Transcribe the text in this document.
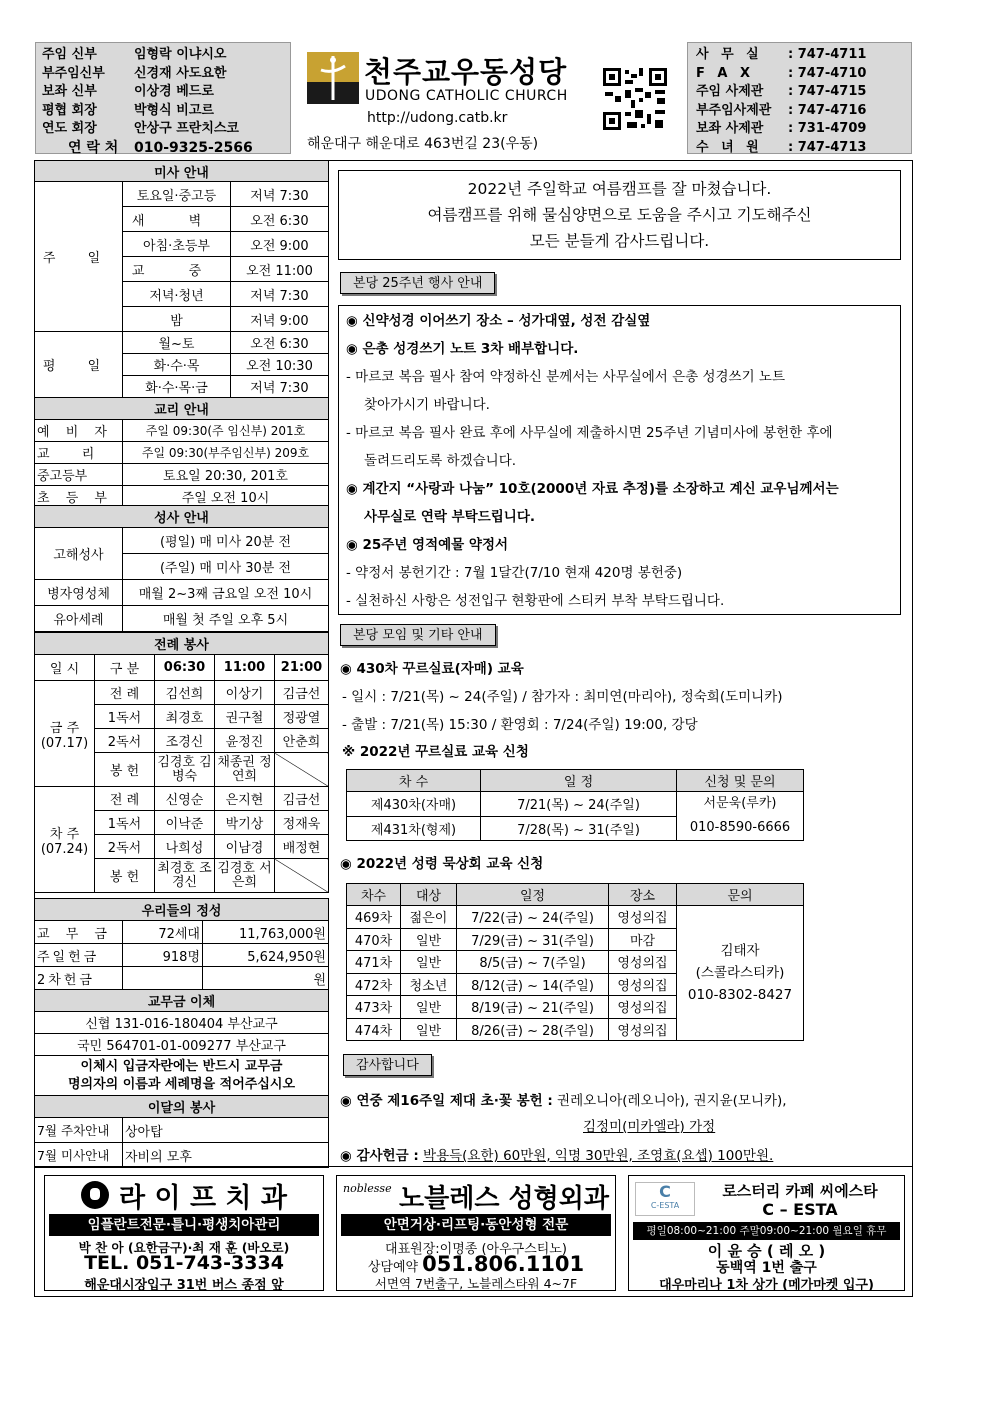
주임 신부	임형락 이냐시오
부주임신부 신경재 사도요한
보좌 신부	이상경 베드로
평협 회장	박형식 비고르
연도 회장	안상구 프란치스코
연 락 처 010-9325-2566
천주교우동성당
UDONG CATHOLIC CHURCH
http://udong.catb.kr
해운대구 해운대로 463번길 23(우동)
사 무 실 : 747-4711
F A X	: 747-4710
주임 사제관 : 747-4715
부주임사제관 : 747-4716
보좌 사제관 : 731-4709
수 녀 원 : 747-4713
미사 안내		
주 일	토요일·중고등	저녁 7:30
	새 벽	오전 6:30
	아침·초등부	오전 9:00
	교 중	오전 11:00
	저녁·청년	저녁 7:30
	밤	저녁 9:00
평 일	월~토	오전 6:30
	화·수·목	오전 10:30
	화·수·목·금	저녁 7:30
교리 안내		
예 비 자	주일 09:30(주 임신부) 201호	
교 리	주일 09:30(부주임신부) 209호	
중고등부	토요일 20:30, 201호	
초 등 부	주일 오전 10시	
성사 안내	
고해성사	(평일) 매 미사 20분 전
	(주일) 매 미사 30분 전
병자영성체	매월 2~3째 금요일 오전 10시
유아세례	매월 첫 주일 오후 5시
전례 봉사				
일 시	구 분	06:30	11:00	21:00

금 주
(07.17)	전 례	김선희	이상기	김금선
	1독서	최경호	권구철	정광열
	2독서	조경신	윤정진	안춘희
	봉 헌	김경호 김병숙	채종권 정연희	

차 주
(07.24)	전 례	신영순	은지현	김금선
	1독서	이낙준	박기상	정재욱
	2독서	나희성	이남경	배정현
	봉 헌	최경호 조경신	김경호 서은희	
우리들의 정성		
교 무 금	72세대	11,763,000원
주일헌금	918명	5,624,950원
2차헌금		원
교무금 이체		
신협 131-016-180404 부산교구		
국민 564701-01-009277 부산교구		

이체시 입금자란에는 반드시 교무금
명의자의 이름과 세례명을 적어주십시오		

이달의 봉사		
7월 주차안내	상아탑	
7월 미사안내	자비의 모후	
2022년 주일학교 여름캠프를 잘 마쳤습니다.
여름캠프를 위해 물심양면으로 도움을 주시고 기도해주신
모든 분들게 감사드립니다.
본당 25주년 행사 안내
◉ 신약성경 이어쓰기 장소 – 성가대옆, 성전 감실옆
◉ 은총 성경쓰기 노트 3차 배부합니다.
- 마르코 복음 필사 참여 약정하신 분께서는 사무실에서 은총 성경쓰기 노트
찾아가시기 바랍니다.
- 마르코 복음 필사 완료 후에 사무실에 제출하시면 25주년 기념미사에 봉헌한 후에
돌려드리도록 하겠습니다.
◉ 계간지 “사랑과 나눔” 10호(2000년 자료 추정)를 소장하고 계신 교우님께서는
사무실로 연락 부탁드립니다.
◉ 25주년 영적예물 약정서
- 약정서 봉헌기간 : 7월 1달간(7/10 현재 420명 봉헌중)
- 실천하신 사항은 성전입구 현황판에 스티커 부착 부탁드립니다.
본당 모임 및 기타 안내
◉ 430차 꾸르실료(자매) 교육
- 일시 : 7/21(목) ~ 24(주일) / 참가자 : 최미연(마리아), 정숙희(도미니카)
- 출발 : 7/21(목) 15:30 / 환영회 : 7/24(주일) 19:00, 강당
※ 2022년 꾸르실료 교육 신청
차 수	일 정	신청 및 문의
제430차(자매)	7/21(목) ~ 24(주일)	서문욱(루카)
010-8590-6666

제431차(형제)	7/28(목) ~ 31(주일)	
◉ 2022년 성령 묵상회 교육 신청
차수	대상	일정	장소	문의
469차	젊은이	7/22(금) ~ 24(주일)	영성의집	김태자
(스콜라스티카)
010-8302-8427

470차	일반	7/29(금) ~ 31(주일)	마감	
471차	일반	8/5(금) ~ 7(주일)	영성의집	
472차	청소년	8/12(금) ~ 14(주일)	영성의집	
473차	일반	8/19(금) ~ 21(주일)	영성의집	
474차	일반	8/26(금) ~ 28(주일)	영성의집	
감사합니다
◉ 연중 제16주일 제대 초·꽃 봉헌 : 권레오니아(레오니아), 권지윤(모니카),
김정미(미카엘라) 가정
◉ 감사헌금 : 박용득(요한) 60만원, 익명 30만원, 조영효(요셉) 100만원.
라 이 프 치 과
임플란트전문·틀니·평생치아관리
박 찬 아 (요한금구)·최 재 훈 (바오로)
TEL. 051-743-3334
해운대시장입구 31번 버스 종점 앞
noblesse 노블레스 성형외과
안면거상·리프팅·동안성형 전문
대표원장:이명종 (아우구스티노)
상담예약 051.806.1101
서면역 7번출구, 노블레스타워 4~7F
C
C-ESTA
로스터리 카페 씨에스타
C – ESTA
평일08:00~21:00 주말09:00~21:00 월요일 휴무
이 윤 승 ( 레 오 )
동백역 1번 출구
대우마리나 1차 상가 (메가마켓 입구)
